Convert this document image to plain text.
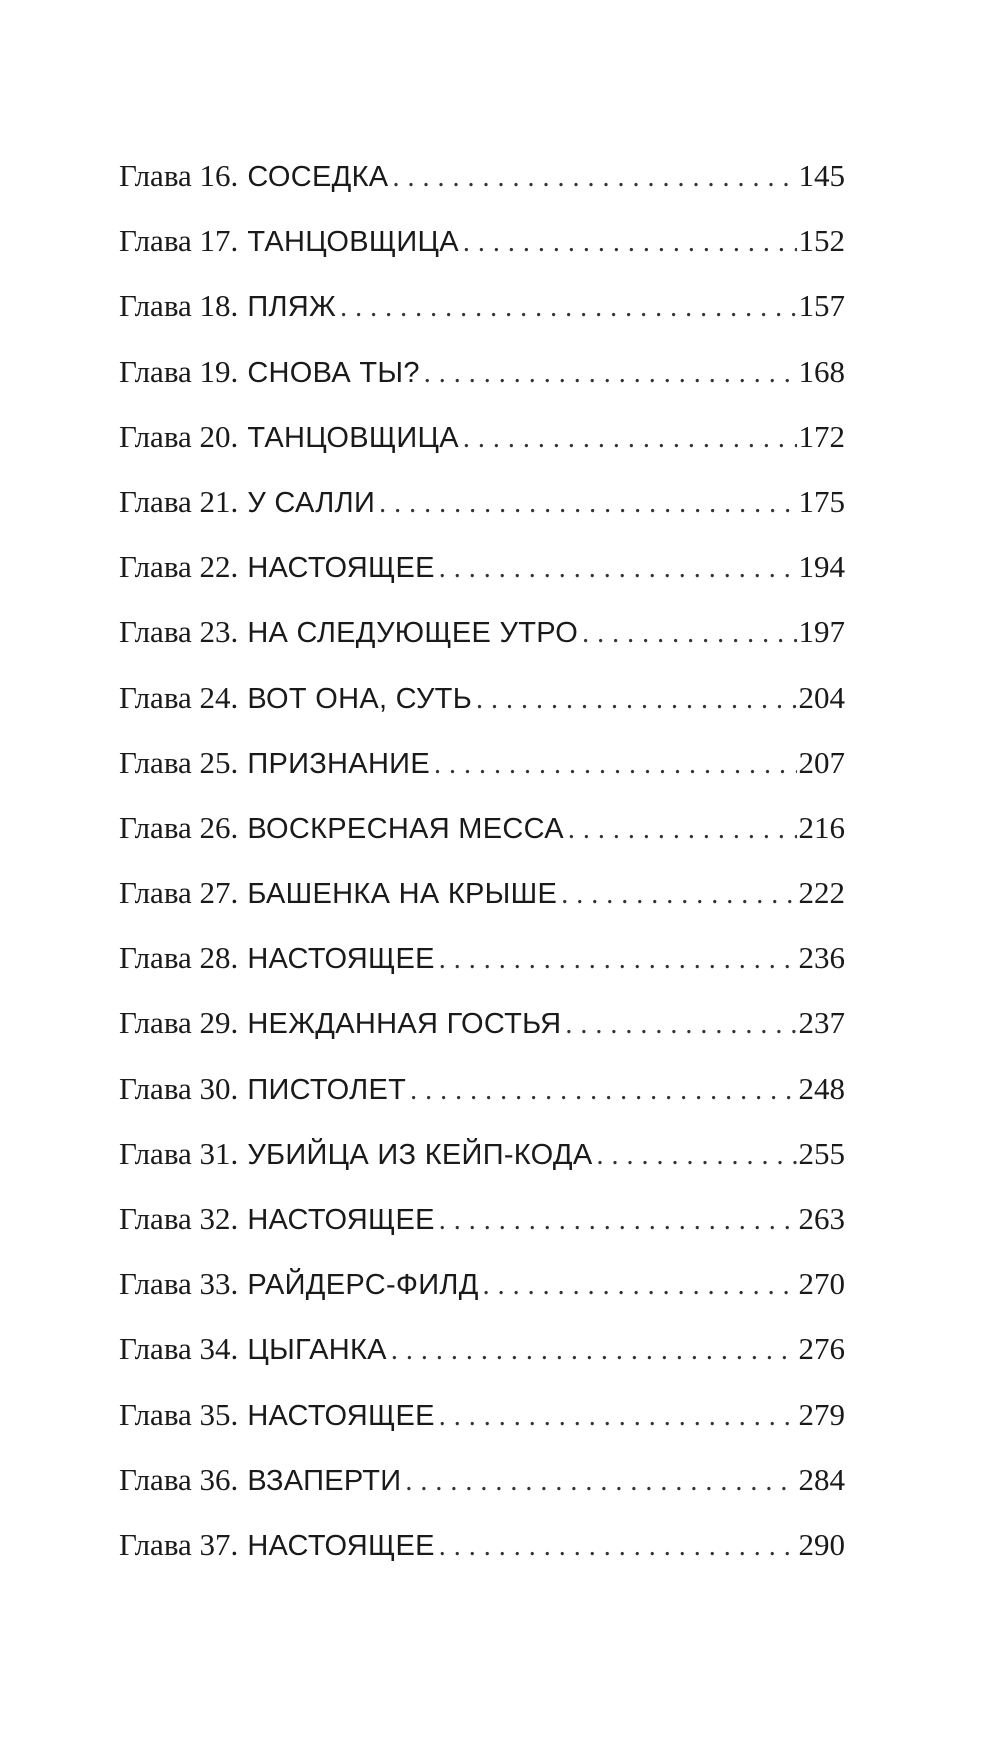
Глава 16. СОСЕДКА . . .	145
Глава 17. ТАНЦОВЩИЦА . . .	152
Глава 18. ПЛЯЖ . . .	157
Глава 19. СНОВА ТЫ? . . .	168
Глава 20. ТАНЦОВЩИЦА . . .	172
Глава 21. У САЛЛИ . . .	175
Глава 22. НАСТОЯЩЕЕ . . .	194
Глава 23. НА СЛЕДУЮЩЕЕ УТРО . . .	197
Глава 24. ВОТ ОНА, СУТЬ . . .	204
Глава 25. ПРИЗНАНИЕ . . .	207
Глава 26. ВОСКРЕСНАЯ МЕССА . . .	216
Глава 27. БАШЕНКА НА КРЫШЕ . . .	222
Глава 28. НАСТОЯЩЕЕ . . .	236
Глава 29. НЕЖДАННАЯ ГОСТЬЯ . . .	237
Глава 30. ПИСТОЛЕТ . . .	248
Глава 31. УБИЙЦА ИЗ КЕЙП-КОДА . . .	255
Глава 32. НАСТОЯЩЕЕ . . .	263
Глава 33. РАЙДЕРС-ФИЛД . . .	270
Глава 34. ЦЫГАНКА . . .	276
Глава 35. НАСТОЯЩЕЕ . . .	279
Глава 36. ВЗАПЕРТИ . . .	284
Глава 37. НАСТОЯЩЕЕ . . .	290
